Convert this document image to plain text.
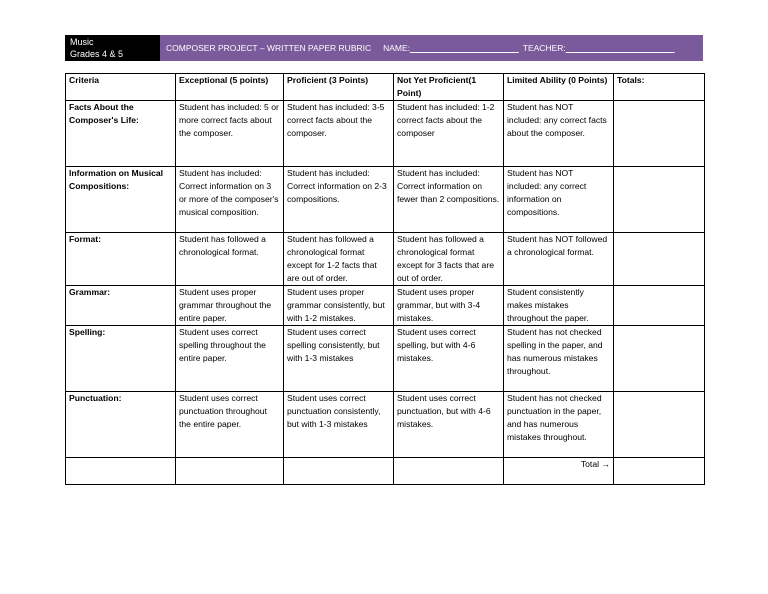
Music
Grades 4 & 5
COMPOSER PROJECT – WRITTEN PAPER RUBRIC NAME: _______________________ TEACHER: _______________________
Criteria	Exceptional (5 points)	Proficient (3 Points)	Not Yet Proficient(1 Point)	Limited Ability (0 Points)	Totals:
Facts About the Composer's Life:	Student has included: 5 or more correct facts about the composer.	Student has included: 3-5 correct facts about the composer.	Student has included: 1-2 correct facts about the composer	Student has NOT included: any correct facts about the composer.	
Information on Musical Compositions:	Student has included: Correct information on 3 or more of the composer's musical composition.	Student has included: Correct information on 2-3 compositions.	Student has included: Correct information on fewer than 2 compositions.	Student has NOT included: any correct information on compositions.	
Format:	Student has followed a chronological format.	Student has followed a chronological format except for 1-2 facts that are out of order.	Student has followed a chronological format except for 3 facts that are out of order.	Student has NOT followed a chronological format.	
Grammar:	Student uses proper grammar throughout the entire paper.	Student uses proper grammar consistently, but with 1-2 mistakes.	Student uses proper grammar, but with 3-4 mistakes.	Student consistently makes mistakes throughout the paper.	
Spelling:	Student uses correct spelling throughout the entire paper.	Student uses correct spelling consistently, but with 1-3 mistakes	Student uses correct spelling, but with 4-6 mistakes.	Student has not checked spelling in the paper, and has numerous mistakes throughout.	
Punctuation:	Student uses correct punctuation throughout the entire paper.	Student uses correct punctuation consistently, but with 1-3 mistakes	Student uses correct punctuation, but with 4-6 mistakes.	Student has not checked punctuation in the paper, and has numerous mistakes throughout.	
				Total →	
